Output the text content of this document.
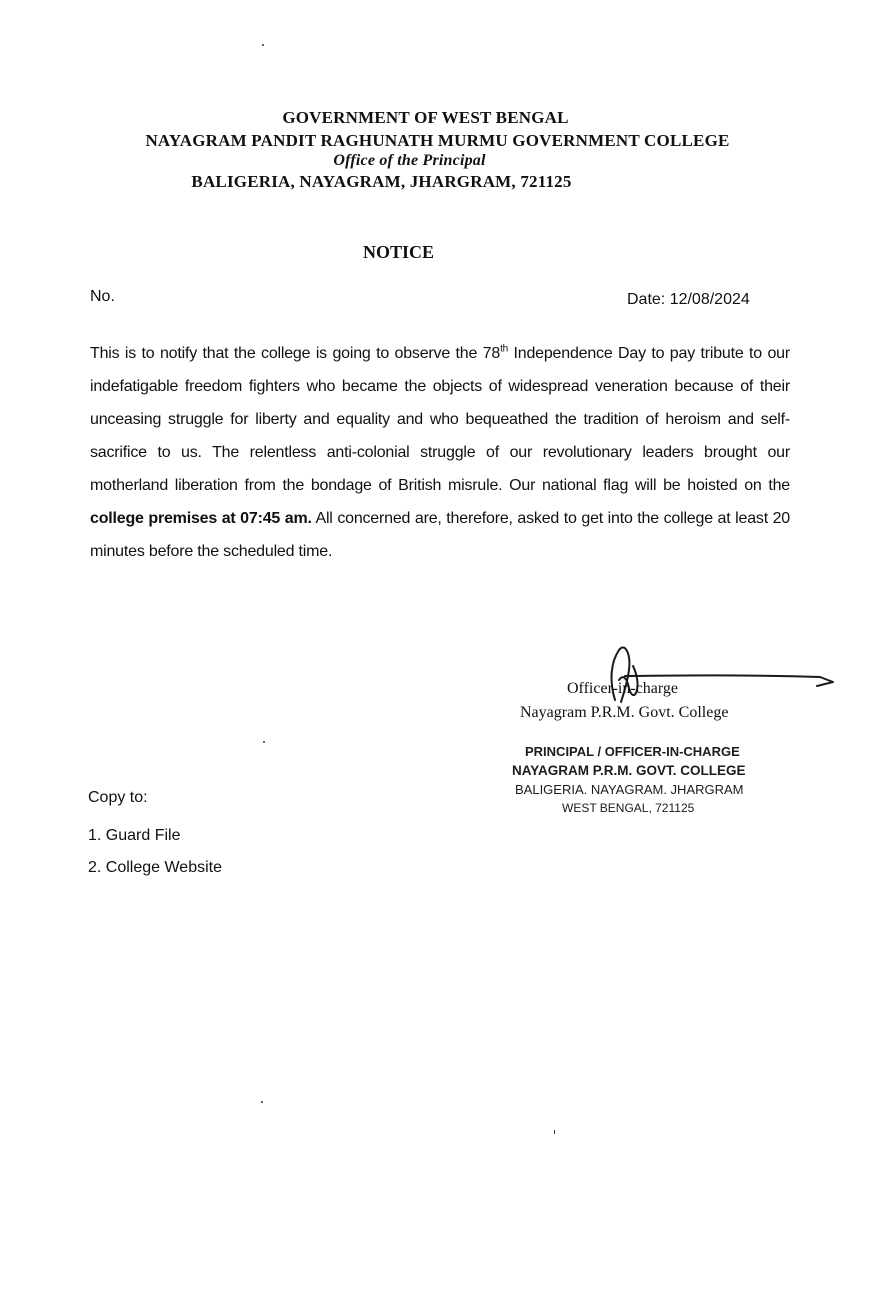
GOVERNMENT OF WEST BENGAL
NAYAGRAM PANDIT RAGHUNATH MURMU GOVERNMENT COLLEGE
Office of the Principal
BALIGERIA, NAYAGRAM, JHARGRAM, 721125
NOTICE
No.	Date: 12/08/2024
This is to notify that the college is going to observe the 78th Independence Day to pay tribute to our indefatigable freedom fighters who became the objects of widespread veneration because of their unceasing struggle for liberty and equality and who bequeathed the tradition of heroism and self-sacrifice to us. The relentless anti-colonial struggle of our revolutionary leaders brought our motherland liberation from the bondage of British misrule. Our national flag will be hoisted on the college premises at 07:45 am. All concerned are, therefore, asked to get into the college at least 20 minutes before the scheduled time.
Officer-in-charge
Nayagram P.R.M. Govt. College
PRINCIPAL / OFFICER-IN-CHARGE
NAYAGRAM P.R.M. GOVT. COLLEGE
BALIGERIA. NAYAGRAM. JHARGRAM
WEST BENGAL, 721125
Copy to:
1. Guard File
2. College Website
